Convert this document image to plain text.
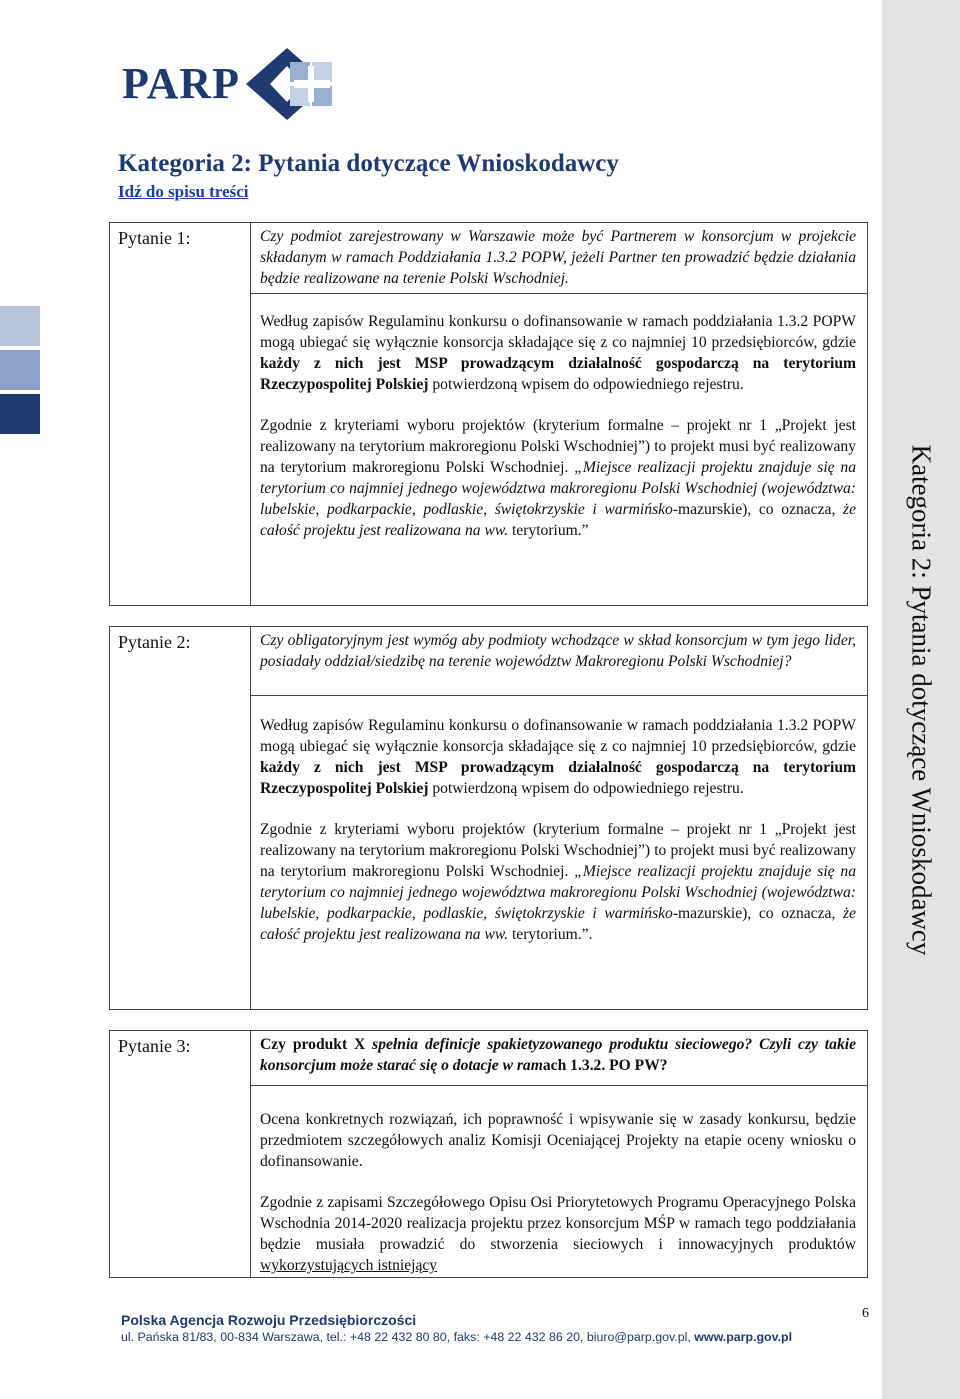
Kategoria 2: Pytania dotyczące Wnioskodawcy
PARP
Kategoria 2: Pytania dotyczące Wnioskodawcy
Idź do spisu treści
Pytanie 1:	Czy podmiot zarejestrowany w Warszawie może być Partnerem w konsorcjum w projekcie składanym w ramach Poddziałania 1.3.2 POPW, jeżeli Partner ten prowadzić będzie działania będzie realizowane na terenie Polski Wschodniej.

Według zapisów Regulaminu konkursu o dofinansowanie w ramach poddziałania 1.3.2 POPW mogą ubiegać się wyłącznie konsorcja składające się z co najmniej 10 przedsiębiorców, gdzie każdy z nich jest MSP prowadzącym działalność gospodarczą na terytorium Rzeczypospolitej Polskiej potwierdzoną wpisem do odpowiedniego rejestru.

Zgodnie z kryteriami wyboru projektów (kryterium formalne – projekt nr 1 „Projekt jest realizowany na terytorium makroregionu Polski Wschodniej”) to projekt musi być realizowany na terytorium makroregionu Polski Wschodniej. „Miejsce realizacji projektu znajduje się na terytorium co najmniej jednego województwa makroregionu Polski Wschodniej (województwa: lubelskie, podkarpackie, podlaskie, świętokrzyskie i warmińsko-mazurskie), co oznacza, że całość projektu jest realizowana na ww. terytorium.”

Pytanie 2:	Czy obligatoryjnym jest wymóg aby podmioty wchodzące w skład konsorcjum w tym jego lider, posiadały oddział/siedzibę na terenie województw Makroregionu Polski Wschodniej?

Według zapisów Regulaminu konkursu o dofinansowanie w ramach poddziałania 1.3.2 POPW mogą ubiegać się wyłącznie konsorcja składające się z co najmniej 10 przedsiębiorców, gdzie każdy z nich jest MSP prowadzącym działalność gospodarczą na terytorium Rzeczypospolitej Polskiej potwierdzoną wpisem do odpowiedniego rejestru.

Zgodnie z kryteriami wyboru projektów (kryterium formalne – projekt nr 1 „Projekt jest realizowany na terytorium makroregionu Polski Wschodniej”) to projekt musi być realizowany na terytorium makroregionu Polski Wschodniej. „Miejsce realizacji projektu znajduje się na terytorium co najmniej jednego województwa makroregionu Polski Wschodniej (województwa: lubelskie, podkarpackie, podlaskie, świętokrzyskie i warmińsko-mazurskie), co oznacza, że całość projektu jest realizowana na ww. terytorium.”.

Pytanie 3:	Czy produkt X spełnia definicje spakietyzowanego produktu sieciowego? Czyli czy takie konsorcjum może starać się o dotacje w ramach 1.3.2. PO PW?

Ocena konkretnych rozwiązań, ich poprawność i wpisywanie się w zasady konkursu, będzie przedmiotem szczegółowych analiz Komisji Oceniającej Projekty na etapie oceny wniosku o dofinansowanie.

Zgodnie z zapisami Szczegółowego Opisu Osi Priorytetowych Programu Operacyjnego Polska Wschodnia 2014-2020 realizacja projektu przez konsorcjum MŚP w ramach tego poddziałania będzie musiała prowadzić do stworzenia sieciowych i innowacyjnych produktów wykorzystujących istniejący

Polska Agencja Rozwoju Przedsiębiorczości
ul. Pańska 81/83, 00-834 Warszawa, tel.: +48 22 432 80 80, faks: +48 22 432 86 20, biuro@parp.gov.pl, www.parp.gov.pl
6
